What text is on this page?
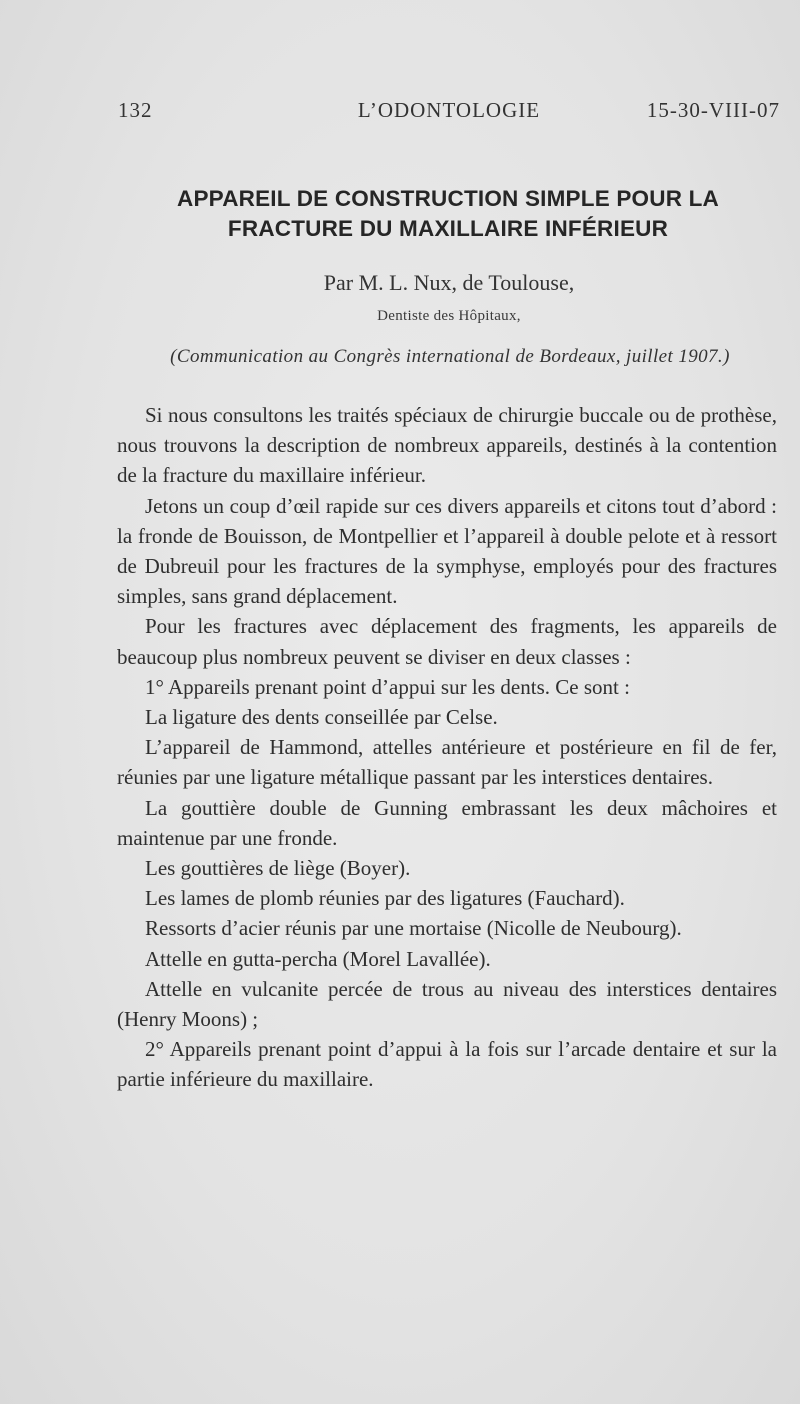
132	L’ODONTOLOGIE	15-30-VIII-07
APPAREIL DE CONSTRUCTION SIMPLE POUR LA
FRACTURE DU MAXILLAIRE INFÉRIEUR
Par M. L. Nux, de Toulouse,
Dentiste des Hôpitaux,
(Communication au Congrès international de Bordeaux, juillet 1907.)

Si nous consultons les traités spéciaux de chirurgie buccale ou de prothèse, nous trouvons la description de nombreux appareils, destinés à la contention de la fracture du maxillaire inférieur.

Jetons un coup d’œil rapide sur ces divers appareils et citons tout d’abord : la fronde de Bouisson, de Montpellier et l’appareil à double pelote et à ressort de Dubreuil pour les fractures de la symphyse, employés pour des fractures simples, sans grand déplacement.

Pour les fractures avec déplacement des fragments, les appareils de beaucoup plus nombreux peuvent se diviser en deux classes :

1° Appareils prenant point d’appui sur les dents. Ce sont :

La ligature des dents conseillée par Celse.

L’appareil de Hammond, attelles antérieure et postérieure en fil de fer, réunies par une ligature métallique passant par les interstices dentaires.

La gouttière double de Gunning embrassant les deux mâchoires et maintenue par une fronde.

Les gouttières de liège (Boyer).

Les lames de plomb réunies par des ligatures (Fauchard).

Ressorts d’acier réunis par une mortaise (Nicolle de Neubourg).

Attelle en gutta-percha (Morel Lavallée).

Attelle en vulcanite percée de trous au niveau des interstices dentaires (Henry Moons) ;

2° Appareils prenant point d’appui à la fois sur l’arcade dentaire et sur la partie inférieure du maxillaire.
